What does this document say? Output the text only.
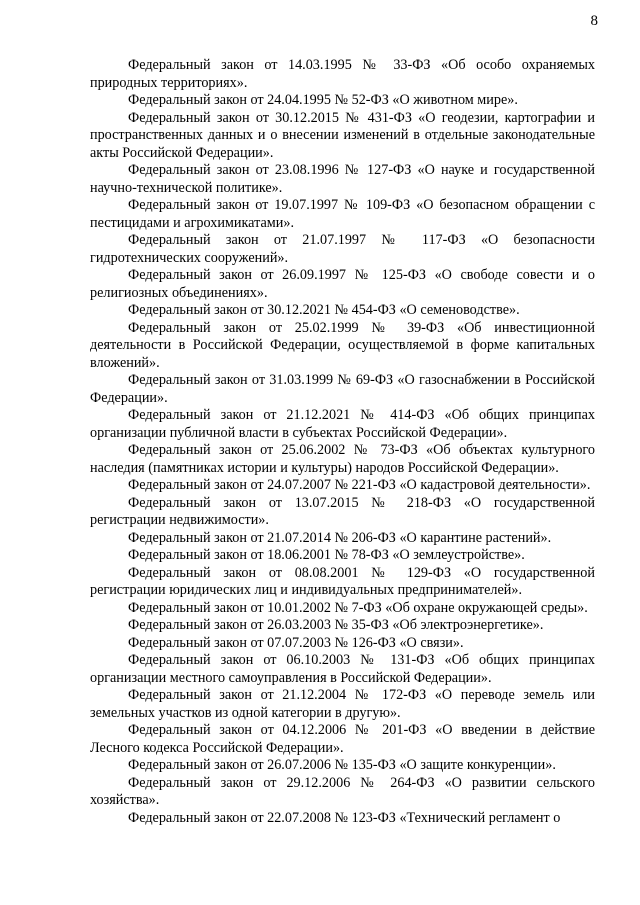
8

Федеральный закон от 14.03.1995 № 33-ФЗ «Об особо охраняемых природных территориях».

Федеральный закон от 24.04.1995 № 52-ФЗ «О животном мире».

Федеральный закон от 30.12.2015 № 431-ФЗ «О геодезии, картографии и пространственных данных и о внесении изменений в отдельные законодательные акты Российской Федерации».

Федеральный закон от 23.08.1996 № 127-ФЗ «О науке и государственной научно-технической политике».

Федеральный закон от 19.07.1997 № 109-ФЗ «О безопасном обращении с пестицидами и агрохимикатами».

Федеральный закон от 21.07.1997 № 117-ФЗ «О безопасности гидротехнических сооружений».

Федеральный закон от 26.09.1997 № 125-ФЗ «О свободе совести и о религиозных объединениях».

Федеральный закон от 30.12.2021 № 454-ФЗ «О семеноводстве».

Федеральный закон от 25.02.1999 № 39-ФЗ «Об инвестиционной деятельности в Российской Федерации, осуществляемой в форме капитальных вложений».

Федеральный закон от 31.03.1999 № 69-ФЗ «О газоснабжении в Российской Федерации».

Федеральный закон от 21.12.2021 № 414-ФЗ «Об общих принципах организации публичной власти в субъектах Российской Федерации».

Федеральный закон от 25.06.2002 № 73-ФЗ «Об объектах культурного наследия (памятниках истории и культуры) народов Российской Федерации».

Федеральный закон от 24.07.2007 № 221-ФЗ «О кадастровой деятельности».

Федеральный закон от 13.07.2015 № 218-ФЗ «О государственной регистрации недвижимости».

Федеральный закон от 21.07.2014 № 206-ФЗ «О карантине растений».

Федеральный закон от 18.06.2001 № 78-ФЗ «О землеустройстве».

Федеральный закон от 08.08.2001 № 129-ФЗ «О государственной регистрации юридических лиц и индивидуальных предпринимателей».

Федеральный закон от 10.01.2002 № 7-ФЗ «Об охране окружающей среды».

Федеральный закон от 26.03.2003 № 35-ФЗ «Об электроэнергетике».

Федеральный закон от 07.07.2003 № 126-ФЗ «О связи».

Федеральный закон от 06.10.2003 № 131-ФЗ «Об общих принципах организации местного самоуправления в Российской Федерации».

Федеральный закон от 21.12.2004 № 172-ФЗ «О переводе земель или земельных участков из одной категории в другую».

Федеральный закон от 04.12.2006 № 201-ФЗ «О введении в действие Лесного кодекса Российской Федерации».

Федеральный закон от 26.07.2006 № 135-ФЗ «О защите конкуренции».

Федеральный закон от 29.12.2006 № 264-ФЗ «О развитии сельского хозяйства».

Федеральный закон от 22.07.2008 № 123-ФЗ «Технический регламент о
